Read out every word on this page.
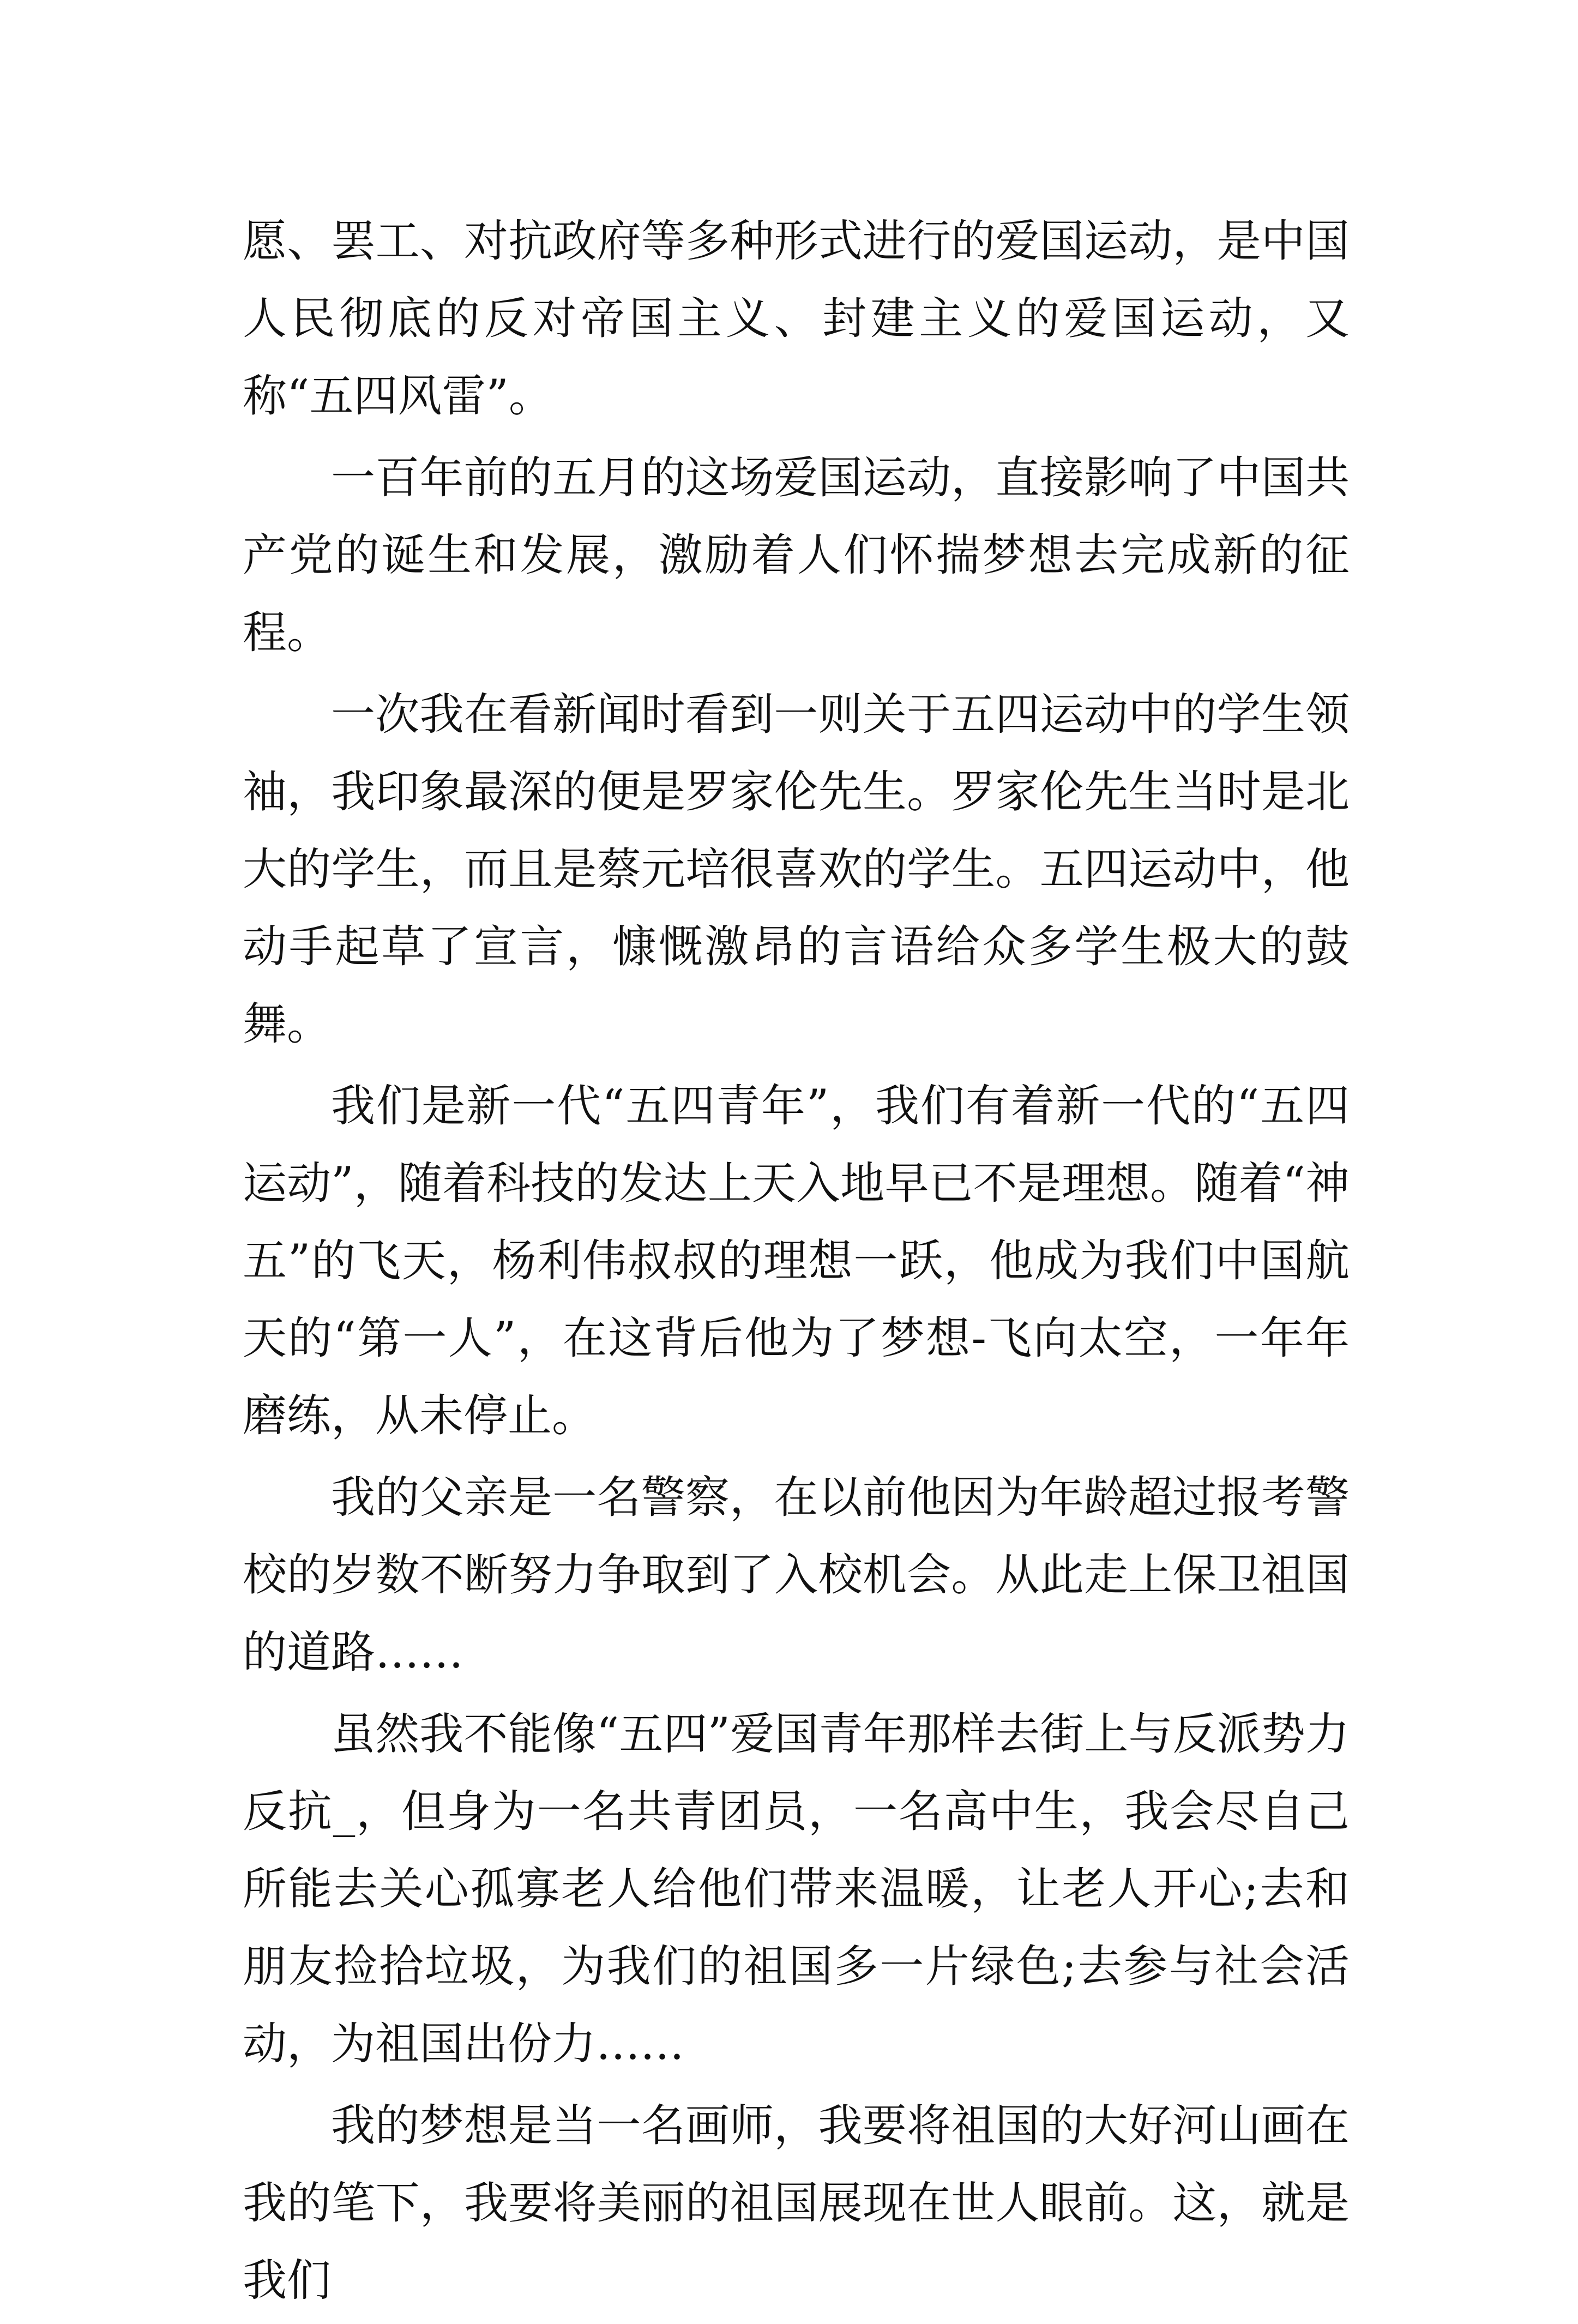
愿、罢工、对抗政府等多种形式进行的爱国运动，是中国人民彻底的反对帝国主义、封建主义的爱国运动，又称“五四风雷”。

一百年前的五月的这场爱国运动，直接影响了中国共产党的诞生和发展，激励着人们怀揣梦想去完成新的征程。

一次我在看新闻时看到一则关于五四运动中的学生领袖，我印象最深的便是罗家伦先生。罗家伦先生当时是北大的学生，而且是蔡元培很喜欢的学生。五四运动中，他动手起草了宣言，慷慨激昂的言语给众多学生极大的鼓舞。

我们是新一代“五四青年”，我们有着新一代的“五四运动”，随着科技的发达上天入地早已不是理想。随着“神五”的飞天，杨利伟叔叔的理想一跃，他成为我们中国航天的“第一人”，在这背后他为了梦想-飞向太空，一年年磨练，从未停止。

我的父亲是一名警察，在以前他因为年龄超过报考警校的岁数不断努力争取到了入校机会。从此走上保卫祖国的道路……

虽然我不能像“五四”爱国青年那样去街上与反派势力反抗_，但身为一名共青团员，一名高中生，我会尽自己所能去关心孤寡老人给他们带来温暖，让老人开心;去和朋友捡拾垃圾，为我们的祖国多一片绿色;去参与社会活动，为祖国出份力……

我的梦想是当一名画师，我要将祖国的大好河山画在我的笔下，我要将美丽的祖国展现在世人眼前。这，就是我们
